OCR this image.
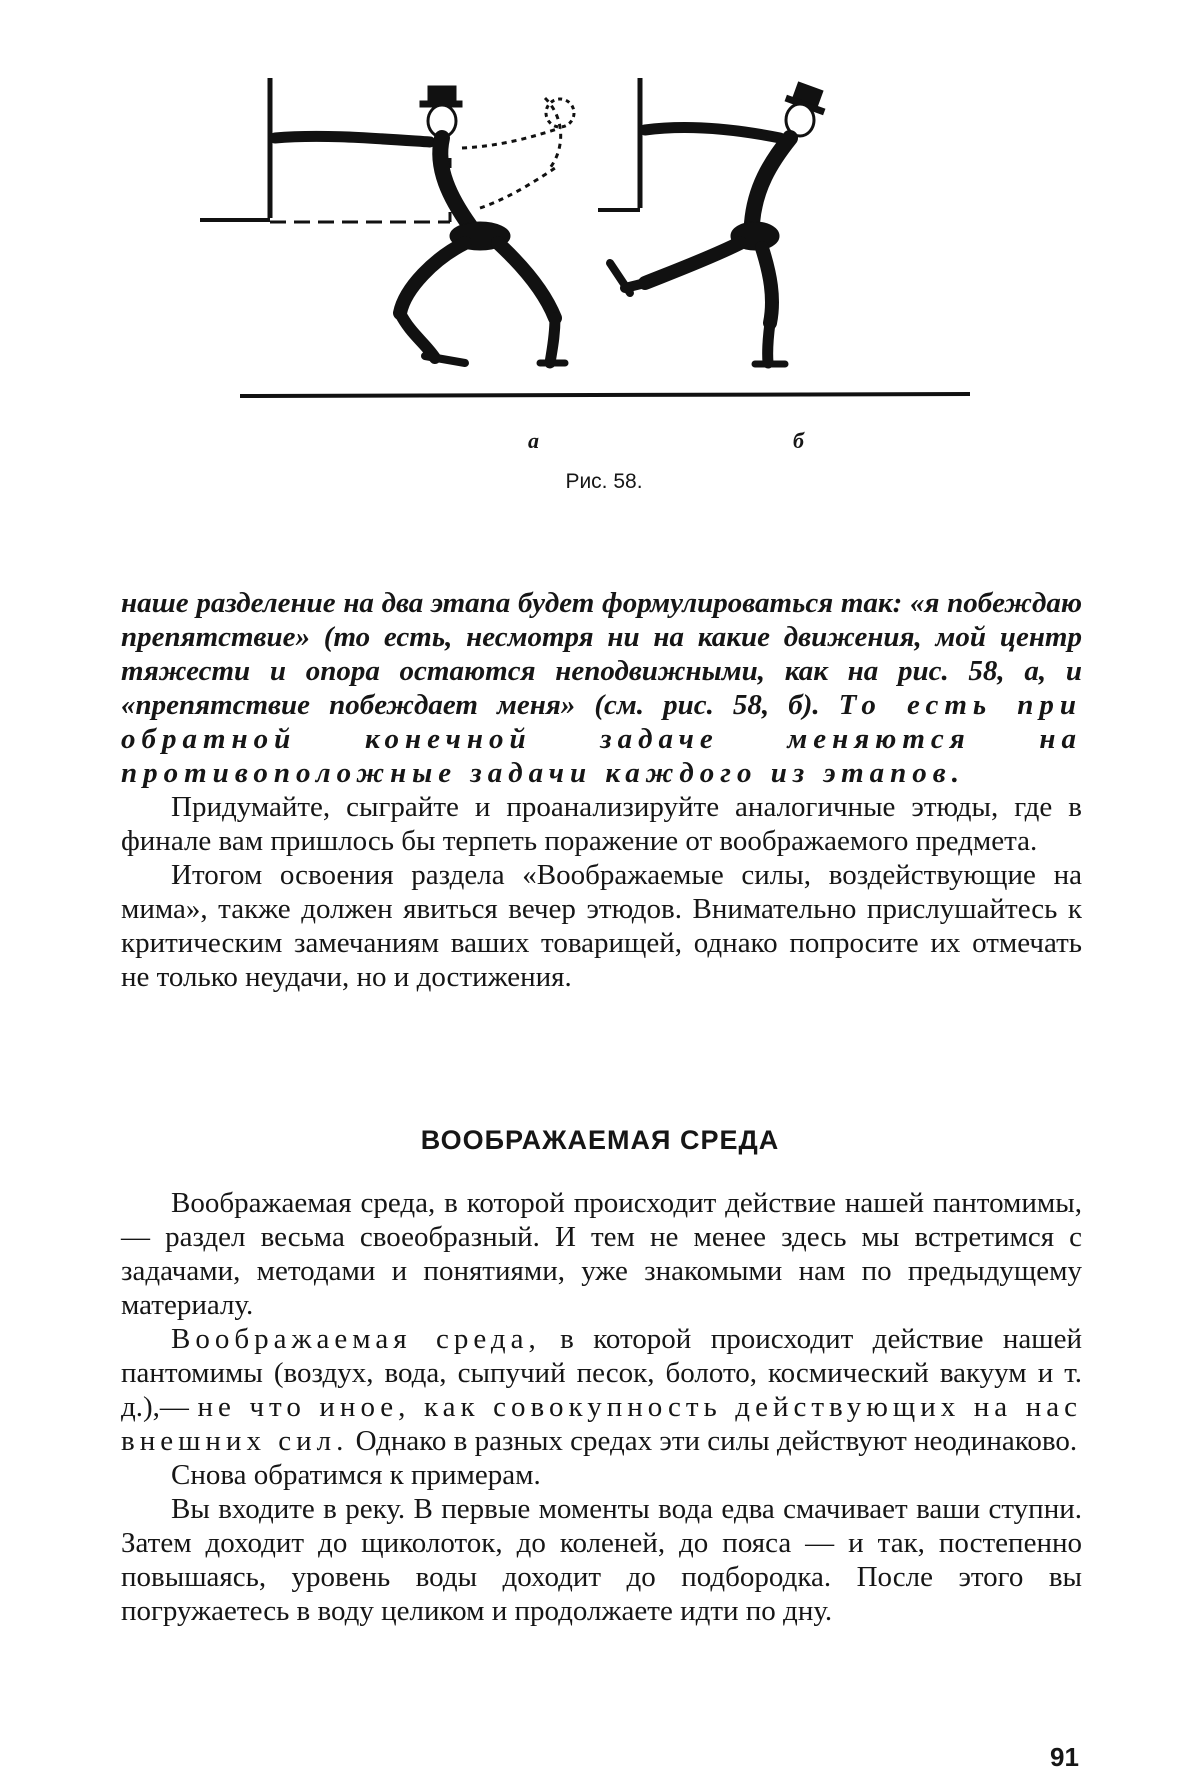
а	б
Рис. 58.

наше разделение на два этапа будет формулироваться так: «я побеждаю препятствие» (то есть, несмотря ни на какие движения, мой центр тяжести и опора остаются неподвижными, как на рис. 58, а, и «препятствие побеждает меня» (см. рис. 58, б). То есть при обратной конечной задаче меняются на противоположные задачи каждого из этапов.

Придумайте, сыграйте и проанализируйте аналогичные этюды, где в финале вам пришлось бы терпеть поражение от воображаемого предмета.

Итогом освоения раздела «Воображаемые силы, воздействующие на мима», также должен явиться вечер этюдов. Внимательно прислушайтесь к критическим замечаниям ваших товарищей, однако попросите их отмечать не только неудачи, но и достижения.

ВООБРАЖАЕМАЯ СРЕДА

Воображаемая среда, в которой происходит действие нашей пантомимы,— раздел весьма своеобразный. И тем не менее здесь мы встретимся с задачами, методами и понятиями, уже знакомыми нам по предыдущему материалу.

Воображаемая среда, в которой происходит действие нашей пантомимы (воздух, вода, сыпучий песок, болото, космический вакуум и т. д.),— не что иное, как совокупность действующих на нас внешних сил. Однако в разных средах эти силы действуют неодинаково.

Снова обратимся к примерам.

Вы входите в реку. В первые моменты вода едва смачивает ваши ступни. Затем доходит до щиколоток, до коленей, до пояса — и так, постепенно повышаясь, уровень воды доходит до подбородка. После этого вы погружаетесь в воду целиком и продолжаете идти по дну.

91
